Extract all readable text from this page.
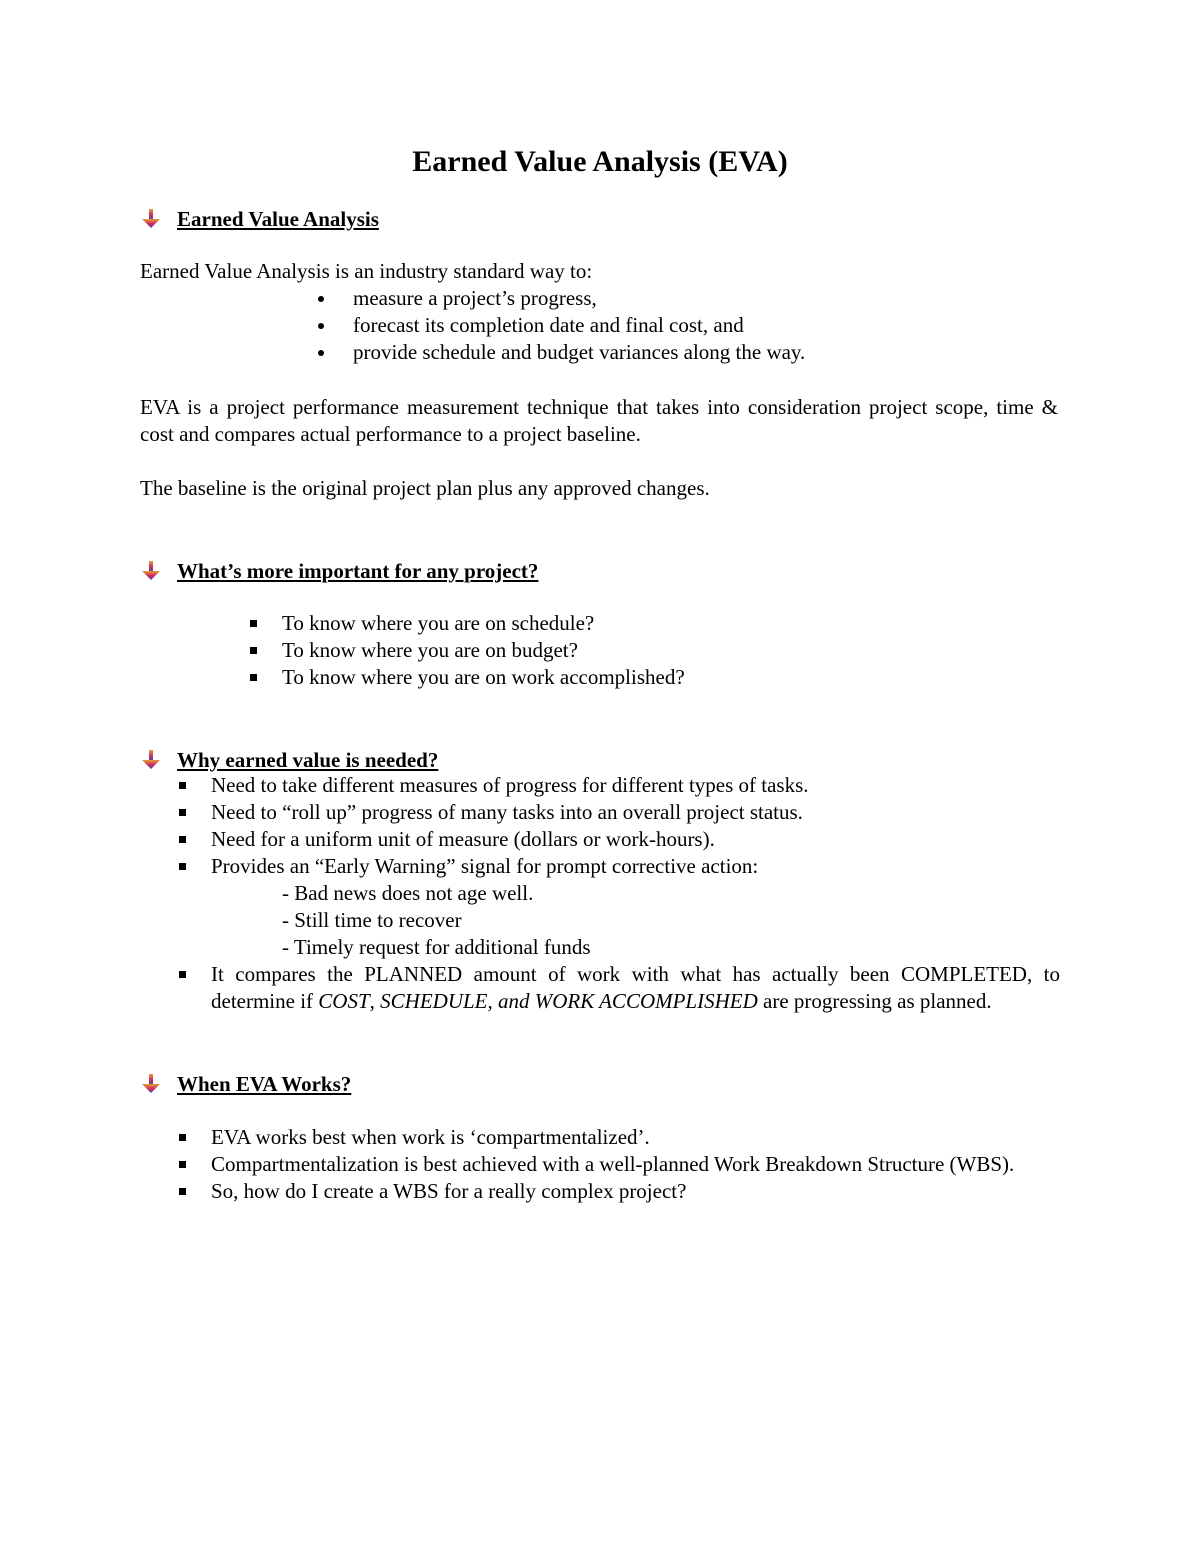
Earned Value Analysis (EVA)
Earned Value Analysis
Earned Value Analysis is an industry standard way to:
measure a project’s progress,
forecast its completion date and final cost, and
provide schedule and budget variances along the way.
EVA is a project performance measurement technique that takes into consideration project scope, time & cost and compares actual performance to a project baseline.
The baseline is the original project plan plus any approved changes.
What’s more important for any project?
To know where you are on schedule?
To know where you are on budget?
To know where you are on work accomplished?
Why earned value is needed?
Need to take different measures of progress for different types of tasks.
Need to “roll up” progress of many tasks into an overall project status.
Need for a uniform unit of measure (dollars or work-hours).
Provides an “Early Warning” signal for prompt corrective action:
- Bad news does not age well.
- Still time to recover
- Timely request for additional funds
It compares the PLANNED amount of work with what has actually been COMPLETED, to determine if COST, SCHEDULE, and WORK ACCOMPLISHED are progressing as planned.
When EVA Works?
EVA works best when work is ‘compartmentalized’.
Compartmentalization is best achieved with a well-planned Work Breakdown Structure (WBS).
So, how do I create a WBS for a really complex project?
